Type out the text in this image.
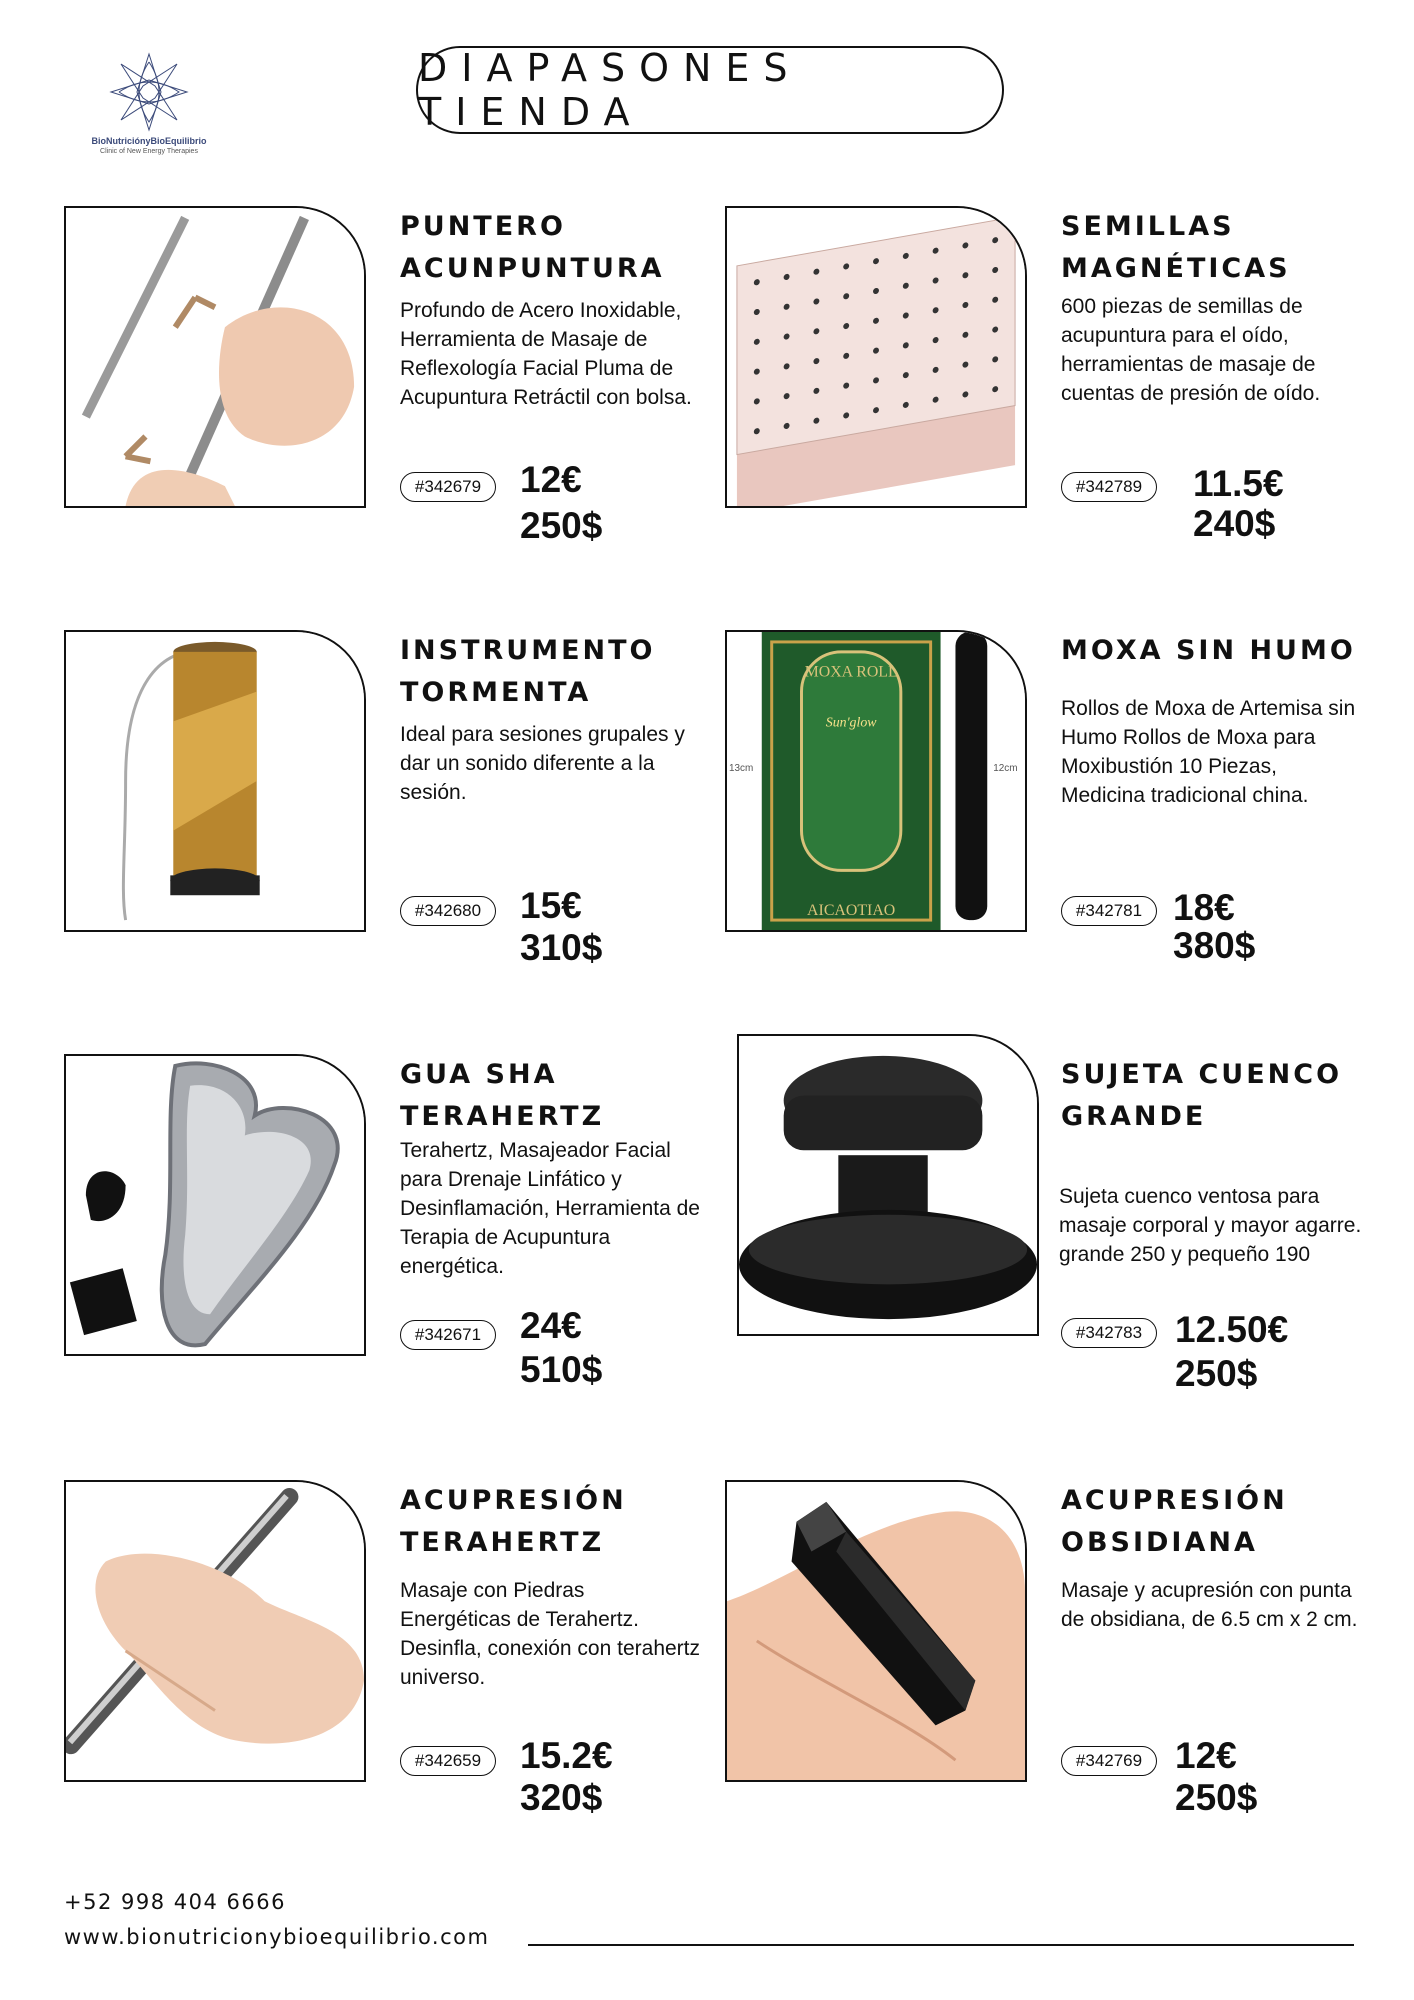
BioNutriciónyBioEquilibrio
Clinic of New Energy Therapies
DIAPASONES TIENDA
PUNTERO
ACUNPUNTURA
Profundo de Acero Inoxidable, Herramienta de Masaje de Reflexología Facial Pluma de Acupuntura Retráctil con bolsa.
#342679	12€
250$
SEMILLAS
MAGNÉTICAS
600 piezas de semillas de acupuntura para el oído, herramientas de masaje de cuentas de presión de oído.
#342789	11.5€
240$
INSTRUMENTO
TORMENTA
Ideal para sesiones grupales y dar un sonido diferente a la sesión.
#342680	15€
310$
MOXA ROLL
Sun'glow
AICAOTIAO
13cm	12cm
MOXA SIN HUMO
Rollos de Moxa de Artemisa sin Humo Rollos de Moxa para Moxibustión 10 Piezas, Medicina tradicional china.
#342781 18€
380$
GUA SHA
TERAHERTZ
Terahertz, Masajeador Facial para Drenaje Linfático y Desinflamación, Herramienta de Terapia de Acupuntura energética.
#342671	24€
510$
SUJETA CUENCO
GRANDE
Sujeta cuenco ventosa para masaje corporal y mayor agarre. grande 250 y pequeño 190
#342783 12.50€
250$
ACUPRESIÓN
TERAHERTZ
Masaje con Piedras Energéticas de Terahertz. Desinfla, conexión con terahertz universo.
#342659	15.2€
320$
ACUPRESIÓN
OBSIDIANA
Masaje y acupresión con punta de obsidiana, de 6.5 cm x 2 cm.
#342769 12€
250$
+52 998 404 6666
www.bionutricionybioequilibrio.com
